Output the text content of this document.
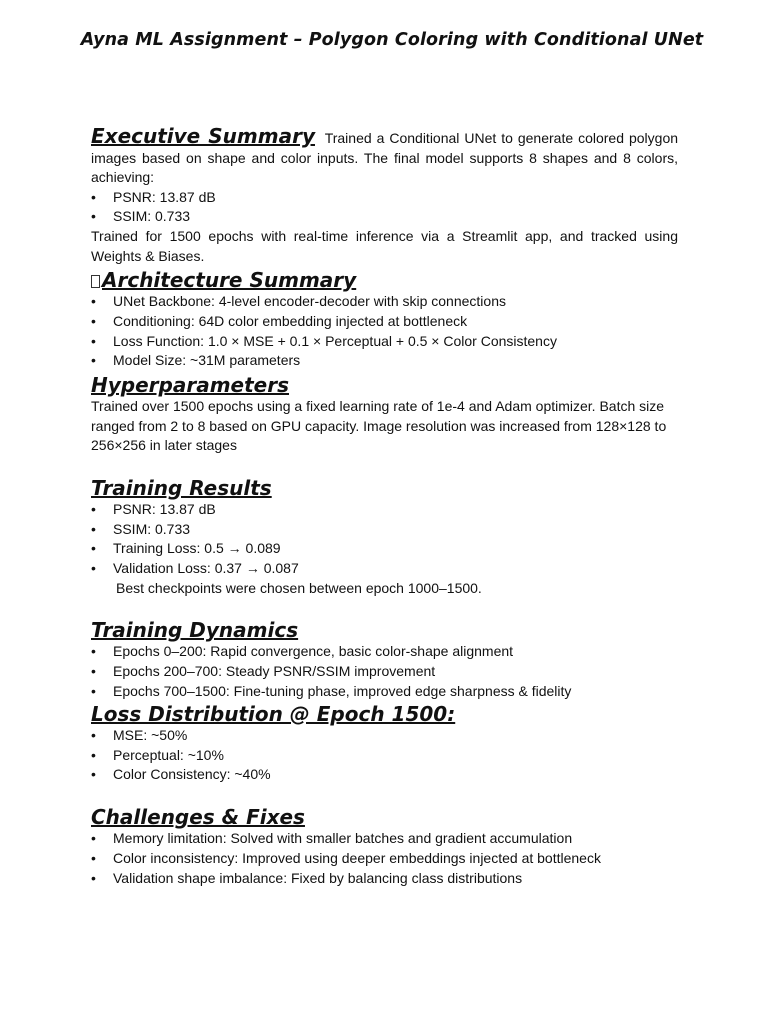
Ayna ML Assignment – Polygon Coloring with Conditional UNet

Executive Summary Trained a Conditional UNet to generate colored polygon images based on shape and color inputs. The final model supports 8 shapes and 8 colors, achieving:

• PSNR: 13.87 dB
• SSIM: 0.733

Trained for 1500 epochs with real-time inference via a Streamlit app, and tracked using Weights & Biases.

Architecture Summary
• UNet Backbone: 4-level encoder-decoder with skip connections
• Conditioning: 64D color embedding injected at bottleneck
• Loss Function: 1.0 × MSE + 0.1 × Perceptual + 0.5 × Color Consistency
• Model Size: ~31M parameters
Hyperparameters

Trained over 1500 epochs using a fixed learning rate of 1e-4 and Adam optimizer. Batch size ranged from 2 to 8 based on GPU capacity. Image resolution was increased from 128×128 to 256×256 in later stages

Training Results
• PSNR: 13.87 dB
• SSIM: 0.733
• Training Loss: 0.5 → 0.089
• Validation Loss: 0.37 → 0.087
Best checkpoints were chosen between epoch 1000–1500.
Training Dynamics
• Epochs 0–200: Rapid convergence, basic color-shape alignment
• Epochs 200–700: Steady PSNR/SSIM improvement
• Epochs 700–1500: Fine-tuning phase, improved edge sharpness & fidelity
Loss Distribution @ Epoch 1500:
• MSE: ~50%
• Perceptual: ~10%
• Color Consistency: ~40%
Challenges & Fixes
• Memory limitation: Solved with smaller batches and gradient accumulation
• Color inconsistency: Improved using deeper embeddings injected at bottleneck
• Validation shape imbalance: Fixed by balancing class distributions
